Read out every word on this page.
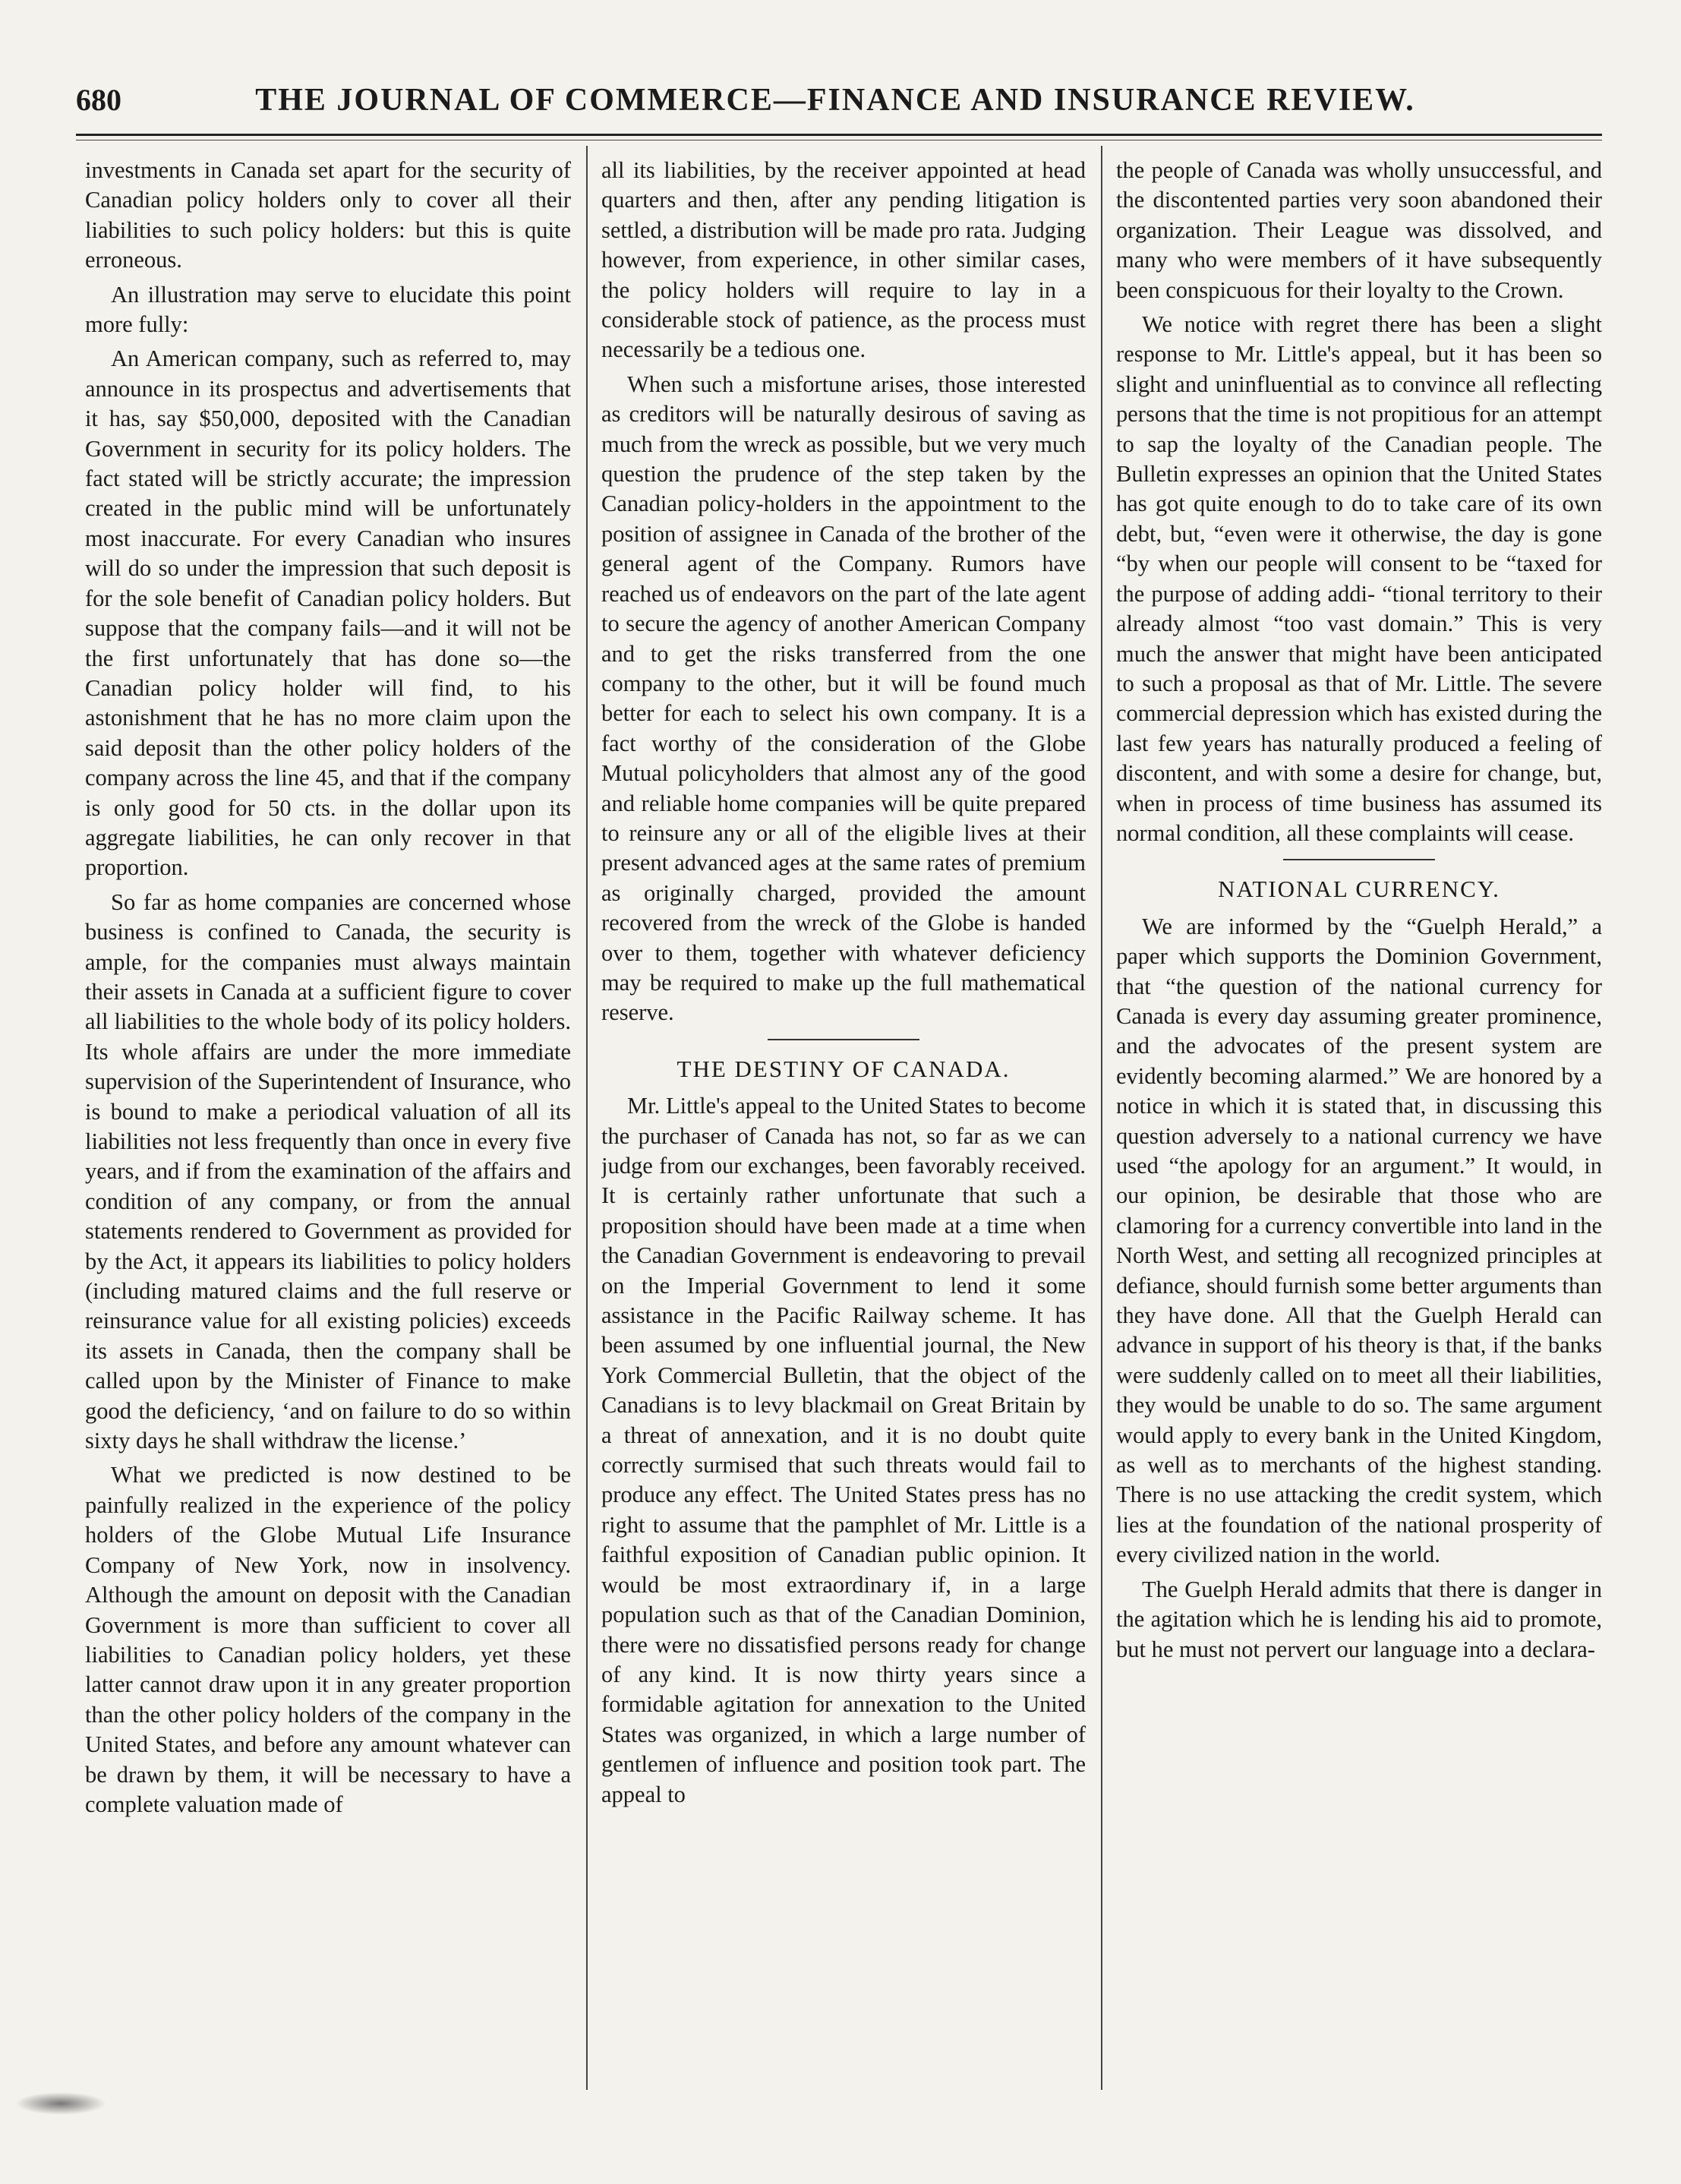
680	THE JOURNAL OF COMMERCE—FINANCE AND INSURANCE REVIEW.

investments in Canada set apart for the security of Canadian policy holders only to cover all their liabilities to such policy holders: but this is quite erroneous.

An illustration may serve to elucidate this point more fully:

An American company, such as referred to, may announce in its prospectus and advertisements that it has, say $50,000, deposited with the Canadian Government in security for its policy holders. The fact stated will be strictly accurate; the impression created in the public mind will be unfortunately most inaccurate. For every Canadian who insures will do so under the impression that such deposit is for the sole benefit of Canadian policy holders. But suppose that the company fails—and it will not be the first unfortunately that has done so—the Canadian policy holder will find, to his astonishment that he has no more claim upon the said deposit than the other policy holders of the company across the line 45, and that if the company is only good for 50 cts. in the dollar upon its aggregate liabilities, he can only recover in that proportion.

So far as home companies are concerned whose business is confined to Canada, the security is ample, for the companies must always maintain their assets in Canada at a sufficient figure to cover all liabilities to the whole body of its policy holders. Its whole affairs are under the more immediate supervision of the Superintendent of Insurance, who is bound to make a periodical valuation of all its liabilities not less frequently than once in every five years, and if from the examination of the affairs and condition of any company, or from the annual statements rendered to Government as provided for by the Act, it appears its liabilities to policy holders (including matured claims and the full reserve or reinsurance value for all existing policies) exceeds its assets in Canada, then the company shall be called upon by the Minister of Finance to make good the deficiency, ‘and on failure to do so within sixty days he shall withdraw the license.’

What we predicted is now destined to be painfully realized in the experience of the policy holders of the Globe Mutual Life Insurance Company of New York, now in insolvency. Although the amount on deposit with the Canadian Government is more than sufficient to cover all liabilities to Canadian policy holders, yet these latter cannot draw upon it in any greater proportion than the other policy holders of the company in the United States, and before any amount whatever can be drawn by them, it will be necessary to have a complete valuation made of

all its liabilities, by the receiver appointed at head quarters and then, after any pending litigation is settled, a distribution will be made pro rata. Judging however, from experience, in other similar cases, the policy holders will require to lay in a considerable stock of patience, as the process must necessarily be a tedious one.

When such a misfortune arises, those interested as creditors will be naturally desirous of saving as much from the wreck as possible, but we very much question the prudence of the step taken by the Canadian policy-holders in the appointment to the position of assignee in Canada of the brother of the general agent of the Company. Rumors have reached us of endeavors on the part of the late agent to secure the agency of another American Company and to get the risks transferred from the one company to the other, but it will be found much better for each to select his own company. It is a fact worthy of the consideration of the Globe Mutual policyholders that almost any of the good and reliable home companies will be quite prepared to reinsure any or all of the eligible lives at their present advanced ages at the same rates of premium as originally charged, provided the amount recovered from the wreck of the Globe is handed over to them, together with whatever deficiency may be required to make up the full mathematical reserve.

THE DESTINY OF CANADA.

Mr. Little's appeal to the United States to become the purchaser of Canada has not, so far as we can judge from our exchanges, been favorably received. It is certainly rather unfortunate that such a proposition should have been made at a time when the Canadian Government is endeavoring to prevail on the Imperial Government to lend it some assistance in the Pacific Railway scheme. It has been assumed by one influential journal, the New York Commercial Bulletin, that the object of the Canadians is to levy blackmail on Great Britain by a threat of annexation, and it is no doubt quite correctly surmised that such threats would fail to produce any effect. The United States press has no right to assume that the pamphlet of Mr. Little is a faithful exposition of Canadian public opinion. It would be most extraordinary if, in a large population such as that of the Canadian Dominion, there were no dissatisfied persons ready for change of any kind. It is now thirty years since a formidable agitation for annexation to the United States was organized, in which a large number of gentlemen of influence and position took part. The appeal to

the people of Canada was wholly unsuccessful, and the discontented parties very soon abandoned their organization. Their League was dissolved, and many who were members of it have subsequently been conspicuous for their loyalty to the Crown.

We notice with regret there has been a slight response to Mr. Little's appeal, but it has been so slight and uninfluential as to convince all reflecting persons that the time is not propitious for an attempt to sap the loyalty of the Canadian people. The Bulletin expresses an opinion that the United States has got quite enough to do to take care of its own debt, but, “even were it otherwise, the day is gone “by when our people will consent to be “taxed for the purpose of adding addi- “tional territory to their already almost “too vast domain.” This is very much the answer that might have been anticipated to such a proposal as that of Mr. Little. The severe commercial depression which has existed during the last few years has naturally produced a feeling of discontent, and with some a desire for change, but, when in process of time business has assumed its normal condition, all these complaints will cease.

NATIONAL CURRENCY.

We are informed by the “Guelph Herald,” a paper which supports the Dominion Government, that “the question of the national currency for Canada is every day assuming greater prominence, and the advocates of the present system are evidently becoming alarmed.” We are honored by a notice in which it is stated that, in discussing this question adversely to a national currency we have used “the apology for an argument.” It would, in our opinion, be desirable that those who are clamoring for a currency convertible into land in the North West, and setting all recognized principles at defiance, should furnish some better arguments than they have done. All that the Guelph Herald can advance in support of his theory is that, if the banks were suddenly called on to meet all their liabilities, they would be unable to do so. The same argument would apply to every bank in the United Kingdom, as well as to merchants of the highest standing. There is no use attacking the credit system, which lies at the foundation of the national prosperity of every civilized nation in the world.

The Guelph Herald admits that there is danger in the agitation which he is lending his aid to promote, but he must not pervert our language into a declara-
